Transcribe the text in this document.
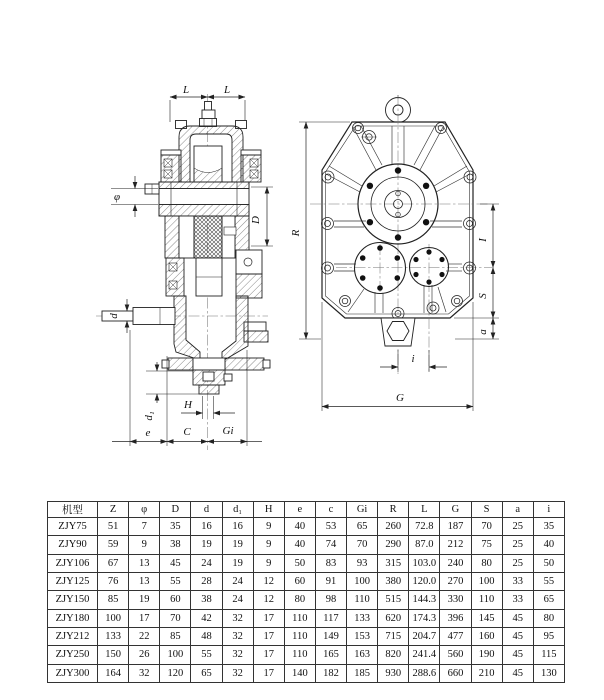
L	L
φ
D
d
d₁
H
e	C	Gi
R
I
S
a
i
G
机型	Z	φ	D	d	d₁	H	e	c	Gi	R	L	G	S	a	i
ZJY75	51	7	35	16	16	9	40	53	65	260	72.8	187	70	25	35
ZJY90	59	9	38	19	19	9	40	74	70	290	87.0	212	75	25	40
ZJY106	67	13	45	24	19	9	50	83	93	315	103.0	240	80	25	50
ZJY125	76	13	55	28	24	12	60	91	100	380	120.0	270	100	33	55
ZJY150	85	19	60	38	24	12	80	98	110	515	144.3	330	110	33	65
ZJY180	100	17	70	42	32	17	110	117	133	620	174.3	396	145	45	80
ZJY212	133	22	85	48	32	17	110	149	153	715	204.7	477	160	45	95
ZJY250	150	26	100	55	32	17	110	165	163	820	241.4	560	190	45	115
ZJY300	164	32	120	65	32	17	140	182	185	930	288.6	660	210	45	130
